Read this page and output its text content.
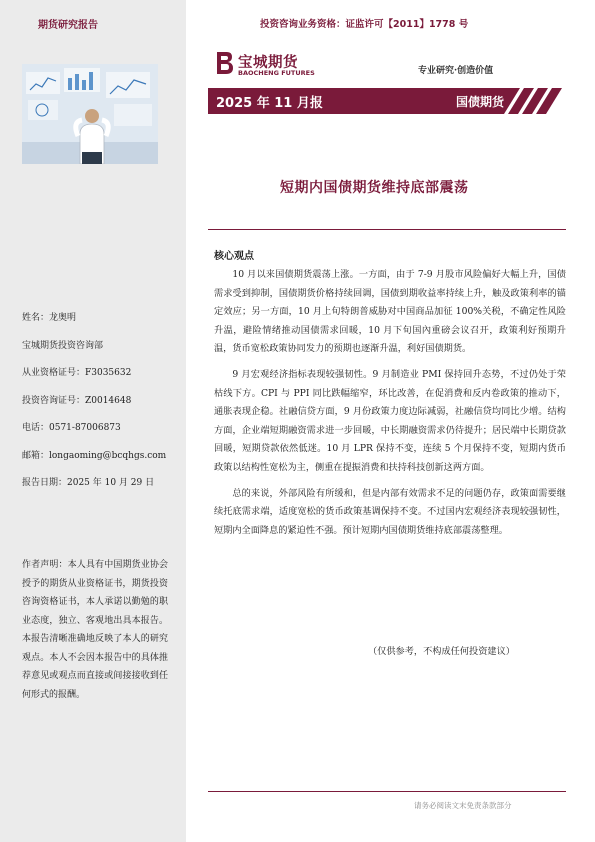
期货研究报告
姓名：龙奥明
宝城期货投资咨询部
从业资格证号：F3035632
投资咨询证号：Z0014648
电话：0571-87006873
邮箱：longaoming@bcqhgs.com
报告日期：2025 年 10 月 29 日
作者声明：本人具有中国期货业协会授予的期货从业资格证书，期货投资咨询资格证书，本人承诺以勤勉的职业态度，独立、客观地出具本报告。本报告清晰准确地反映了本人的研究观点。本人不会因本报告中的具体推荐意见或观点而直接或间接接收到任何形式的报酬。
投资咨询业务资格：证监许可【2011】1778 号
宝城期货
BAOCHENG FUTURES	专业研究·创造价值
2025 年 11 月报	国债期货
短期内国债期货维持底部震荡
核心观点

10 月以来国债期货震荡上涨。一方面，由于 7-9 月股市风险偏好大幅上升，国债需求受到抑制，国债期货价格持续回调，国债到期收益率持续上升，触及政策利率的锚定效应；另一方面，10 月上旬特朗普威胁对中国商品加征 100%关税，不确定性风险升温，避险情绪推动国债需求回暖，10 月下旬国內重磅会议召开，政策利好预期升温，货币宽松政策协同发力的预期也逐渐升温，利好国债期货。

9 月宏观经济指标表现较强韧性。9 月制造业 PMI 保持回升态势，不过仍处于荣枯线下方。CPI 与 PPI 同比跌幅缩窄，环比改善，在促消费和反内卷政策的推动下，通胀表现企稳。社融信贷方面，9 月份政策力度边际减弱，社融信贷均同比少增。结构方面，企业端短期融资需求进一步回暖，中长期融资需求仍待提升；居民端中长期贷款回暖，短期贷款依然低迷。10 月 LPR 保持不变，连续 5 个月保持不变，短期内货币政策以结构性宽松为主，侧重在提振消费和扶持科技创新这两方面。

总的来说，外部风险有所缓和，但是内部有效需求不足的问题仍存，政策面需要继续托底需求端，适度宽松的货币政策基调保持不变。不过国内宏观经济表现较强韧性，短期内全面降息的紧迫性不强。预计短期内国债期货维持底部震荡整理。

（仅供参考，不构成任何投资建议）
请务必阅读文末免责条款部分
